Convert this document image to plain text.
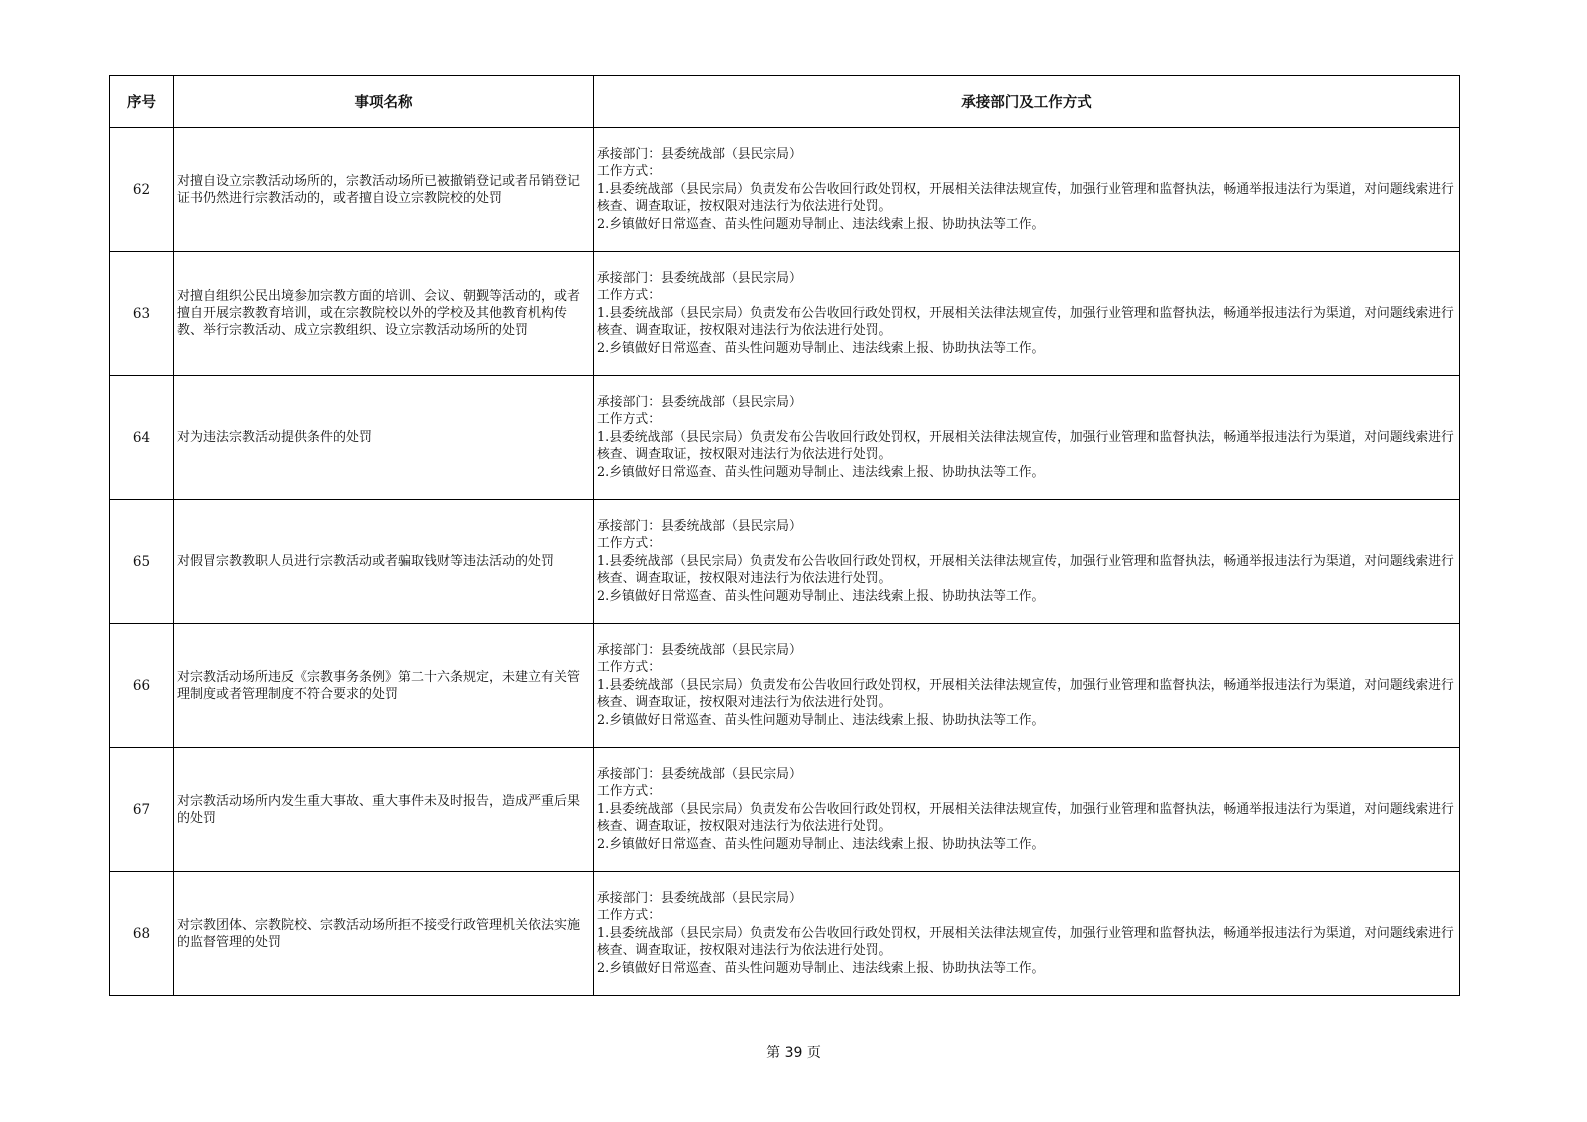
序号	事项名称	承接部门及工作方式
62	对擅自设立宗教活动场所的，宗教活动场所已被撤销登记或者吊销登记证书仍然进行宗教活动的，或者擅自设立宗教院校的处罚	承接部门：县委统战部（县民宗局）
工作方式：
1.县委统战部（县民宗局）负责发布公告收回行政处罚权，开展相关法律法规宣传，加强行业管理和监督执法，畅通举报违法行为渠道，对问题线索进行核查、调查取证，按权限对违法行为依法进行处罚。
2.乡镇做好日常巡查、苗头性问题劝导制止、违法线索上报、协助执法等工作。

63	对擅自组织公民出境参加宗教方面的培训、会议、朝觐等活动的，或者擅自开展宗教教育培训，或在宗教院校以外的学校及其他教育机构传教、举行宗教活动、成立宗教组织、设立宗教活动场所的处罚	承接部门：县委统战部（县民宗局）
工作方式：
1.县委统战部（县民宗局）负责发布公告收回行政处罚权，开展相关法律法规宣传，加强行业管理和监督执法，畅通举报违法行为渠道，对问题线索进行核查、调查取证，按权限对违法行为依法进行处罚。
2.乡镇做好日常巡查、苗头性问题劝导制止、违法线索上报、协助执法等工作。

64	对为违法宗教活动提供条件的处罚	承接部门：县委统战部（县民宗局）
工作方式：
1.县委统战部（县民宗局）负责发布公告收回行政处罚权，开展相关法律法规宣传，加强行业管理和监督执法，畅通举报违法行为渠道，对问题线索进行核查、调查取证，按权限对违法行为依法进行处罚。
2.乡镇做好日常巡查、苗头性问题劝导制止、违法线索上报、协助执法等工作。

65	对假冒宗教教职人员进行宗教活动或者骗取钱财等违法活动的处罚	承接部门：县委统战部（县民宗局）
工作方式：
1.县委统战部（县民宗局）负责发布公告收回行政处罚权，开展相关法律法规宣传，加强行业管理和监督执法，畅通举报违法行为渠道，对问题线索进行核查、调查取证，按权限对违法行为依法进行处罚。
2.乡镇做好日常巡查、苗头性问题劝导制止、违法线索上报、协助执法等工作。

66	对宗教活动场所违反《宗教事务条例》第二十六条规定，未建立有关管理制度或者管理制度不符合要求的处罚	承接部门：县委统战部（县民宗局）
工作方式：
1.县委统战部（县民宗局）负责发布公告收回行政处罚权，开展相关法律法规宣传，加强行业管理和监督执法，畅通举报违法行为渠道，对问题线索进行核查、调查取证，按权限对违法行为依法进行处罚。
2.乡镇做好日常巡查、苗头性问题劝导制止、违法线索上报、协助执法等工作。

67	对宗教活动场所内发生重大事故、重大事件未及时报告，造成严重后果的处罚	承接部门：县委统战部（县民宗局）
工作方式：
1.县委统战部（县民宗局）负责发布公告收回行政处罚权，开展相关法律法规宣传，加强行业管理和监督执法，畅通举报违法行为渠道，对问题线索进行核查、调查取证，按权限对违法行为依法进行处罚。
2.乡镇做好日常巡查、苗头性问题劝导制止、违法线索上报、协助执法等工作。

68	对宗教团体、宗教院校、宗教活动场所拒不接受行政管理机关依法实施的监督管理的处罚	承接部门：县委统战部（县民宗局）
工作方式：
1.县委统战部（县民宗局）负责发布公告收回行政处罚权，开展相关法律法规宣传，加强行业管理和监督执法，畅通举报违法行为渠道，对问题线索进行核查、调查取证，按权限对违法行为依法进行处罚。
2.乡镇做好日常巡查、苗头性问题劝导制止、违法线索上报、协助执法等工作。
第 39 页
